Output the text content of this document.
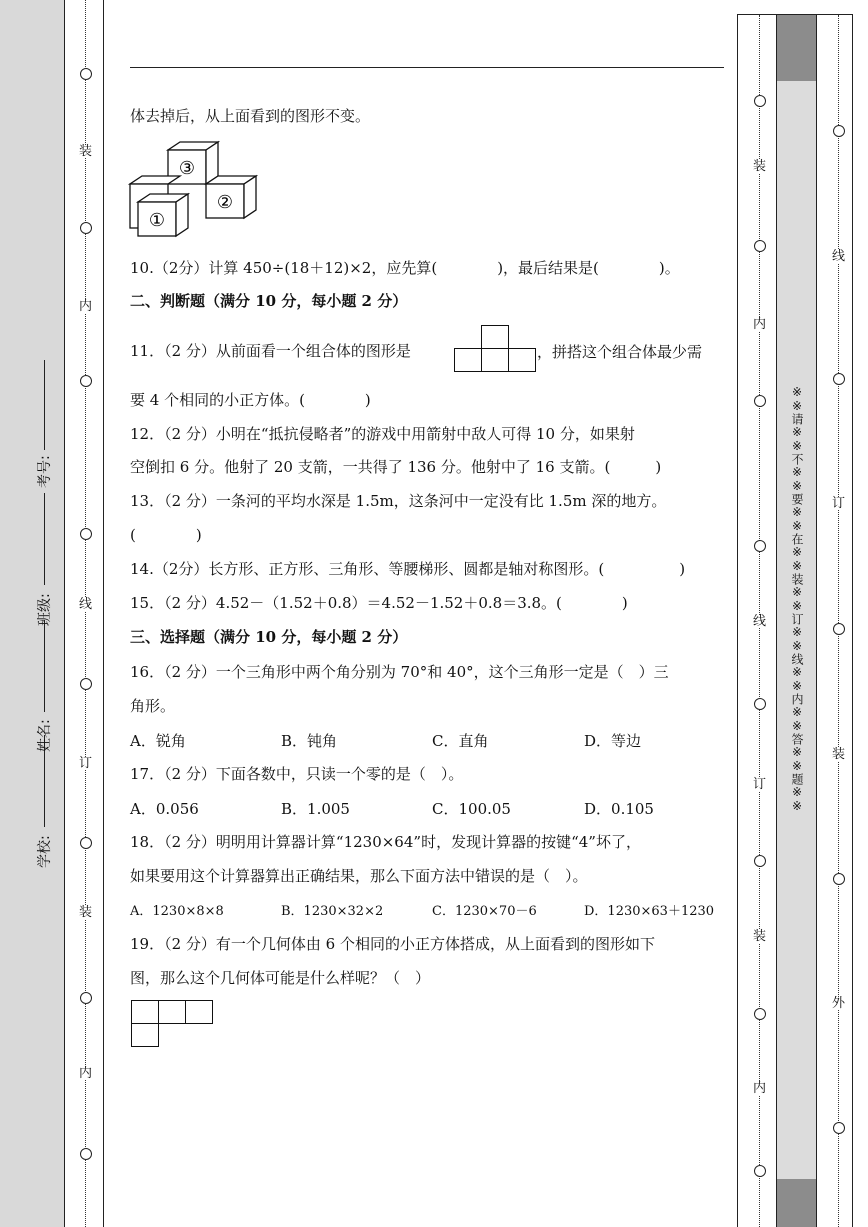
学校:
姓名:
班级:
考号:
装
内
线
订
装
内
※※请※※不※※要※※在※※装※※订※※线※※内※※答※※题※※
装
内
线
订
装
内
线
订
装
外
体去掉后，从上面看到的图形不变。
③
①
②
10.（2分）计算 450÷(18＋12)×2，应先算(　　　　)，最后结果是(　　　　)。
二、判断题（满分 10 分，每小题 2 分）
11．（2 分）从前面看一个组合体的图形是

			，拼搭这个组合体最少需
要 4 个相同的小正方体。(　　　　)
12．（2 分）小明在“抵抗侵略者”的游戏中用箭射中敌人可得 10 分，如果射
空倒扣 6 分。他射了 20 支箭，一共得了 136 分。他射中了 16 支箭。(　　　)
13．（2 分）一条河的平均水深是 1.5m，这条河中一定没有比 1.5m 深的地方。
(　　　　)
14.（2分）长方形、正方形、三角形、等腰梯形、圆都是轴对称图形。(　　　　　)
15．（2 分）4.52－（1.52＋0.8）＝4.52－1.52＋0.8＝3.8。(　　　　)
三、选择题（满分 10 分，每小题 2 分）
16．（2 分）一个三角形中两个角分别为 70°和 40°，这个三角形一定是（　）三
角形。
A．锐角	B．钝角	C．直角	D．等边
17．（2 分）下面各数中，只读一个零的是（　）。
A．0.056	B．1.005	C．100.05	D．0.105
18．（2 分）明明用计算器计算“1230×64”时，发现计算器的按键“4”坏了，
如果要用这个计算器算出正确结果，那么下面方法中错误的是（　）。
A．1230×8×8	B．1230×32×2	C．1230×70－6	D．1230×63＋1230
19．（2 分）有一个几何体由 6 个相同的小正方体搭成，从上面看到的图形如下
图，那么这个几何体可能是什么样呢？（　）
